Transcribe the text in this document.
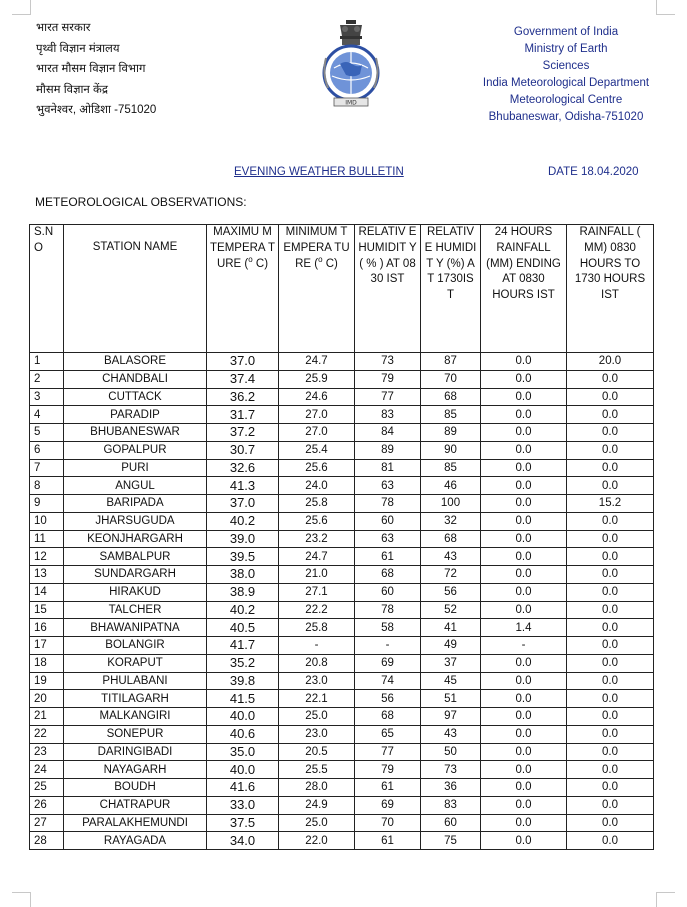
भारत सरकार
पृथ्वी विज्ञान मंत्रालय
भारत मौसम विज्ञान विभाग
मौसम विज्ञान केंद्र
भुवनेश्वर, ओडिशा -751020
IMD
Government of India
Ministry of Earth
Sciences
India Meteorological Department
Meteorological Centre
Bhubaneswar, Odisha-751020
EVENING WEATHER BULLETIN	DATE 18.04.2020
METEOROLOGICAL OBSERVATIONS:
S.N O	STATION NAME	MAXIMU M TEMPERA TURE ($^o$ C)	MINIMUM TEMPERA TURE ($^o$ C)	RELATIV E HUMIDIT Y ( % ) AT 0830 IST	RELATIV E HUMIDIT Y (%) AT 1730IST	24 HOURS RAINFALL (MM) ENDING AT 0830 HOURS IST	RAINFALL ( MM) 0830 HOURS TO 1730 HOURS IST

1	BALASORE	37.0	24.7	73	87	0.0	20.0
2	CHANDBALI	37.4	25.9	79	70	0.0	0.0
3	CUTTACK	36.2	24.6	77	68	0.0	0.0
4	PARADIP	31.7	27.0	83	85	0.0	0.0
5	BHUBANESWAR	37.2	27.0	84	89	0.0	0.0
6	GOPALPUR	30.7	25.4	89	90	0.0	0.0
7	PURI	32.6	25.6	81	85	0.0	0.0
8	ANGUL	41.3	24.0	63	46	0.0	0.0
9	BARIPADA	37.0	25.8	78	100	0.0	15.2
10	JHARSUGUDA	40.2	25.6	60	32	0.0	0.0
11	KEONJHARGARH	39.0	23.2	63	68	0.0	0.0
12	SAMBALPUR	39.5	24.7	61	43	0.0	0.0
13	SUNDARGARH	38.0	21.0	68	72	0.0	0.0
14	HIRAKUD	38.9	27.1	60	56	0.0	0.0
15	TALCHER	40.2	22.2	78	52	0.0	0.0
16	BHAWANIPATNA	40.5	25.8	58	41	1.4	0.0
17	BOLANGIR	41.7	-	-	49	-	0.0
18	KORAPUT	35.2	20.8	69	37	0.0	0.0
19	PHULABANI	39.8	23.0	74	45	0.0	0.0
20	TITILAGARH	41.5	22.1	56	51	0.0	0.0
21	MALKANGIRI	40.0	25.0	68	97	0.0	0.0
22	SONEPUR	40.6	23.0	65	43	0.0	0.0
23	DARINGIBADI	35.0	20.5	77	50	0.0	0.0
24	NAYAGARH	40.0	25.5	79	73	0.0	0.0
25	BOUDH	41.6	28.0	61	36	0.0	0.0
26	CHATRAPUR	33.0	24.9	69	83	0.0	0.0
27	PARALAKHEMUNDI	37.5	25.0	70	60	0.0	0.0
28	RAYAGADA	34.0	22.0	61	75	0.0	0.0
